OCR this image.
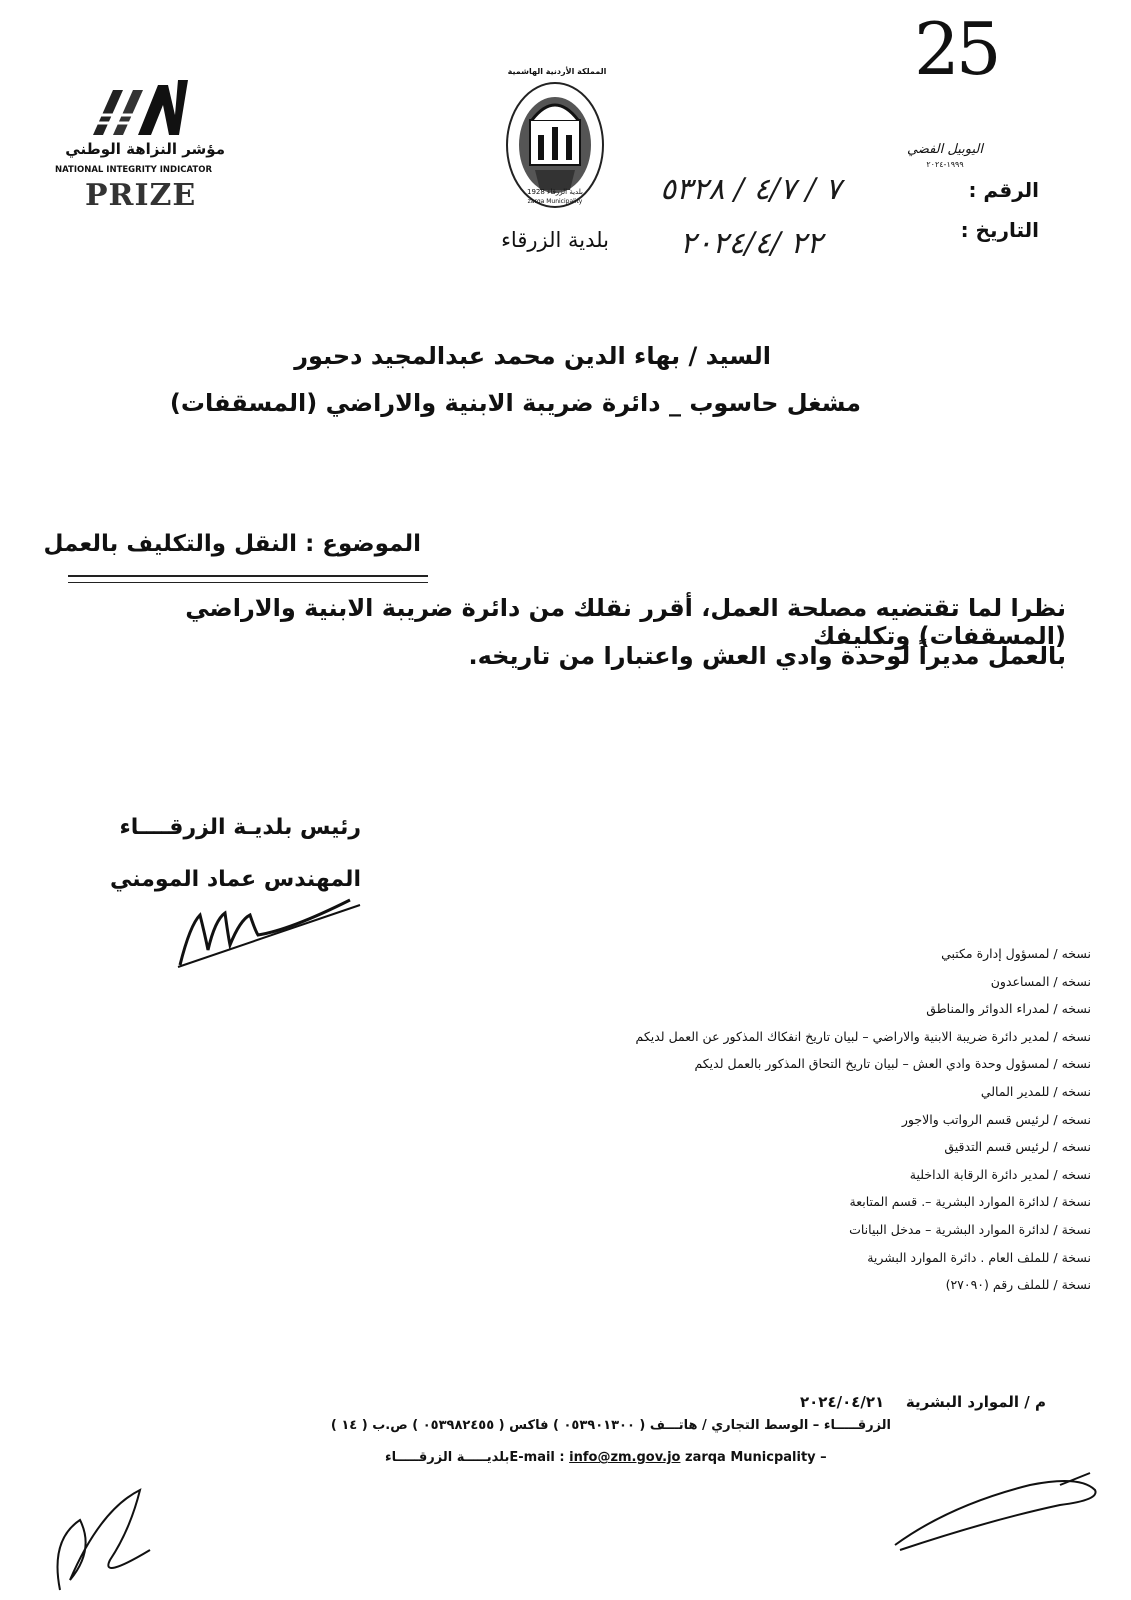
مؤشر النزاهة الوطني
NATIONAL INTEGRITY INDICATOR
PRIZE
المملكة الأردنية الهاشمية
بلدية الزرقاء 1928
zarqa Municipality
بلدية الزرقاء
25
اليوبيل الفضي
١٩٩٩-٢٠٢٤
الرقم :
٥٣٢٨ / ٤/٧ / ٧
التاريخ :
٢٠٢٤/٤/ ٢٢
السيد / بهاء الدين محمد عبدالمجيد دحبور
مشغل حاسوب _ دائرة ضريبة الابنية والاراضي (المسقفات)
الموضوع : النقل والتكليف بالعمل
نظرا لما تقتضيه مصلحة العمل، أقرر نقلك من دائرة ضريبة الابنية والاراضي (المسقفات) وتكليفك
بالعمل مديراً لوحدة وادي العش واعتبارا من تاريخه.
رئيس بلديـة الزرقــــاء
المهندس عماد المومني
نسخه / لمسؤول إدارة مكتبي
نسخه / المساعدون
نسخه / لمدراء الدوائر والمناطق
نسخه / لمدير دائرة ضريبة الابنية والاراضي – لبيان تاريخ انفكاك المذكور عن العمل لديكم
نسخه / لمسؤول وحدة وادي العش – لبيان تاريخ التحاق المذكور بالعمل لديكم
نسخه / للمدير المالي
نسخه / لرئيس قسم الرواتب والاجور
نسخه / لرئيس قسم التدقيق
نسخه / لمدير دائرة الرقابة الداخلية
نسخة / لدائرة الموارد البشرية –. قسم المتابعة
نسخة / لدائرة الموارد البشرية – مدخل البيانات
نسخة / للملف العام . دائرة الموارد البشرية
نسخة / للملف رقم (٢٧٠٩٠)
م / الموارد البشرية
٢٠٢٤/٠٤/٢١
الزرقـــــاء – الوسط التجاري / هاتـــف ( ٠٥٣٩٠١٣٠٠ ) فاكس ( ٠٥٣٩٨٢٤٥٥ ) ص.ب ( ١٤ )
بلديـــــة الزرقـــــاءE-mail : info@zm.gov.jo zarqa Municpality –
